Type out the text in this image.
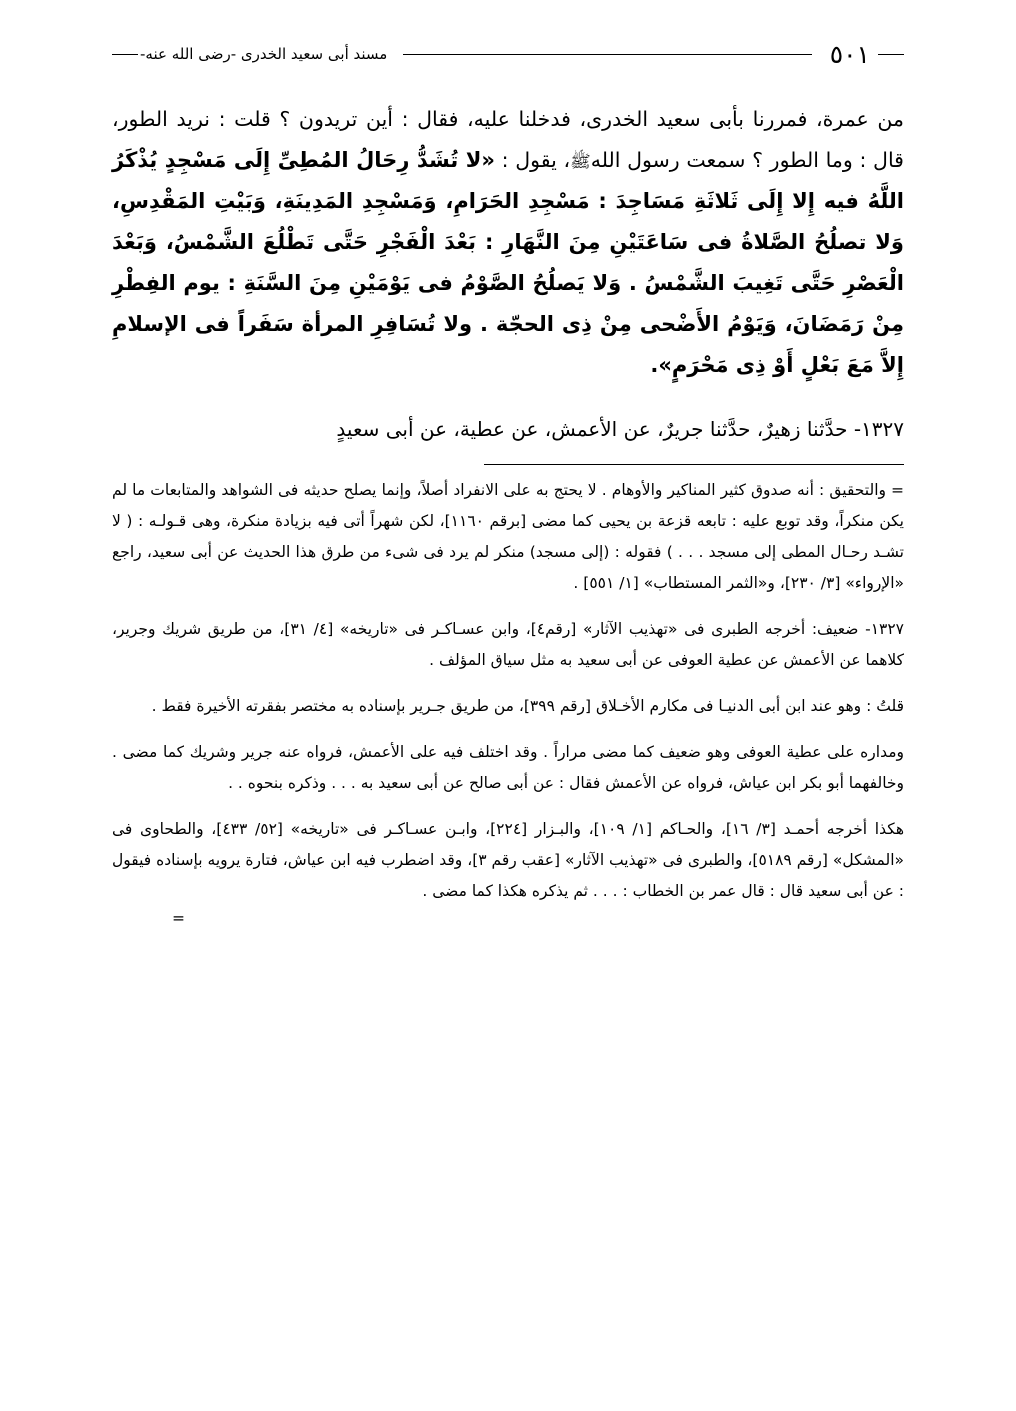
٥٠١
مسند أبى سعيد الخدرى -رضى الله عنه-

من عمرة، فمررنا بأبى سعيد الخدرى، فدخلنا عليه، فقال : أين تريدون ؟ قلت : نريد الطور، قال : وما الطور ؟ سمعت رسول اللهﷺ، يقول : «لا تُشَدُّ رِحَالُ المُطِىِّ إِلَى مَسْجِدٍ يُذْكَرُ اللَّهُ فيه إِلا إِلَى ثَلاثَةِ مَسَاجِدَ : مَسْجِدِ الحَرَامِ، وَمَسْجِدِ المَدِينَةِ، وَبَيْتِ المَقْدِسِ، وَلا تصلُحُ الصَّلاةُ فى سَاعَتَيْنِ مِنَ النَّهَارِ : بَعْدَ الْفَجْرِ حَتَّى تَطْلُعَ الشَّمْسُ، وَبَعْدَ الْعَصْرِ حَتَّى تَغِيبَ الشَّمْسُ . وَلا يَصلُحُ الصَّوْمُ فى يَوْمَيْنِ مِنَ السَّنَةِ : يوم الفِطْرِ مِنْ رَمَضَانَ، وَيَوْمُ الأَضْحى مِنْ ذِى الحجّة . ولا تُسَافِرِ المرأة سَفَراً فى الإسلامِ إِلاَّ مَعَ بَعْلٍ أَوْ ذِى مَحْرَمٍ».

١٣٢٧- حدَّثنا زهيرٌ، حدَّثنا جريرٌ، عن الأعمش، عن عطية، عن أبى سعيدٍ

=والتحقيق : أنه صدوق كثير المناكير والأوهام . لا يحتج به على الانفراد أصلاً، وإنما يصلح حديثه فى الشواهد والمتابعات ما لم يكن منكراً، وقد توبع عليه : تابعه قزعة بن يحيى كما مضى [برقم ١١٦٠]، لكن شهراً أتى فيه بزيادة منكرة، وهى قـولـه : ( لا تشـد رحـال المطى إلى مسجد . . . ) فقوله : (إلى مسجد) منكر لم يرد فى شىء من طرق هذا الحديث عن أبى سعيد، راجع «الإرواء» [٣/ ٢٣٠]، و«الثمر المستطاب» [١/ ٥٥١] .

١٣٢٧- ضعيف: أخرجه الطبرى فى «تهذيب الآثار» [رقم٤]، وابن عسـاكـر فى «تاريخه» [٤/ ٣١]، من طريق شريك وجرير، كلاهما عن الأعمش عن عطية العوفى عن أبى سعيد به مثل سياق المؤلف .

قلتُ : وهو عند ابن أبى الدنيـا فى مكارم الأخـلاق [رقم ٣٩٩]، من طريق جـرير بإسناده به مختصر بفقرته الأخيرة فقط .

ومداره على عطية العوفى وهو ضعيف كما مضى مراراً . وقد اختلف فيه على الأعمش، فرواه عنه جرير وشريك كما مضى . وخالفهما أبو بكر ابن عياش، فرواه عن الأعمش فقال : عن أبى صالح عن أبى سعيد به . . . وذكره بنحوه . .

هكذا أخرجه أحمـد [٣/ ١٦]، والحـاكم [١/ ١٠٩]، والبـزار [٢٢٤]، وابـن عسـاكـر فى «تاريخه» [٥٢/ ٤٣٣]، والطحاوى فى «المشكل» [رقم ٥١٨٩]، والطبرى فى «تهذيب الآثار» [عقب رقم ٣]، وقد اضطرب فيه ابن عياش، فتارة يرويه بإسناده فيقول : عن أبى سعيد قال : قال عمر بن الخطاب : . . . ثم يذكره هكذا كما مضى .

=
